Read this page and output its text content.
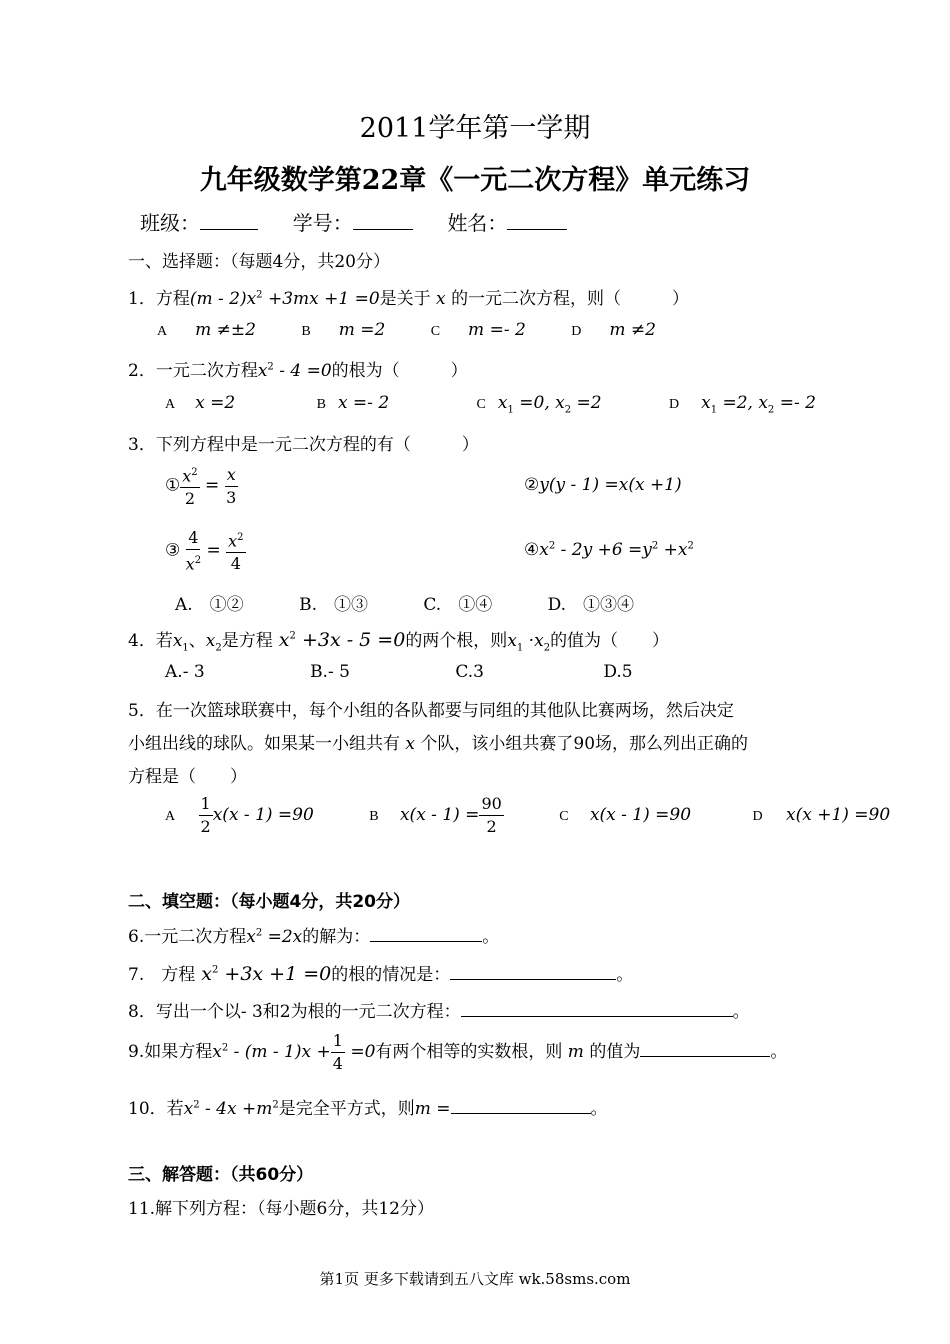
2011学年第一学期
九年级数学第22章《一元二次方程》单元练习
班级：	学号：	姓名：
一、选择题：（每题4分，共20分）
1．方程$(m - 2)x^2 +3mx +1 =0$是关于 x 的一元二次方程，则（　　　）
A m ≠±2	B m =2	C m =- 2	D m ≠2
2．一元二次方程$x^2 - 4 =0$的根为（　　　）
A x =2	B x =- 2	C $x_1 =0$, $x_2 =2$	D $x_1 =2$, $x_2 =- 2$
3．下列方程中是一元二次方程的有（　　　）
① $\frac{x^2}{2} = \frac{x}{3}$	②y(y - 1) =x(x +1)
③ $\frac{4}{x^2} = \frac{x^2}{4}$	$④x^2 - 2y +6 =y^2 +x^2$
A.　①②	B.　①③	C.　①④	D.　①③④
4．若$x_1$、$x_2$是方程 $x^2 +3x - 5 =0$的两个根，则$x_1 \cdot x_2$的值为（　　）
A.- 3	B.- 5	C.3	D.5
5．在一次篮球联赛中，每个小组的各队都要与同组的其他队比赛两场，然后决定
小组出线的球队。如果某一小组共有 x 个队，该小组共赛了90场，那么列出正确的
方程是（　　）
A $\frac{1}{2} x(x - 1) =90$	B $x(x - 1) = \frac{90}{2}$	C x(x - 1) =90	D x(x +1) =90
二、填空题：（每小题4分，共20分）
6.一元二次方程$x^2 =2x$的解为：	。
7.　方程 $x^2 +3x +1 =0$的根的情况是：	。
8．写出一个以- 3和2为根的一元二次方程：	。
9.如果方程$x^2 - (m - 1)x + \frac{1}{4} =0$有两个相等的实数根，则 m 的值为	。
10．若$x^2 - 4x +m^2$是完全平方式，则m =	。
三、解答题：（共60分）
11.解下列方程：（每小题6分，共12分）
第1页 更多下载请到五八文库 wk.58sms.com
